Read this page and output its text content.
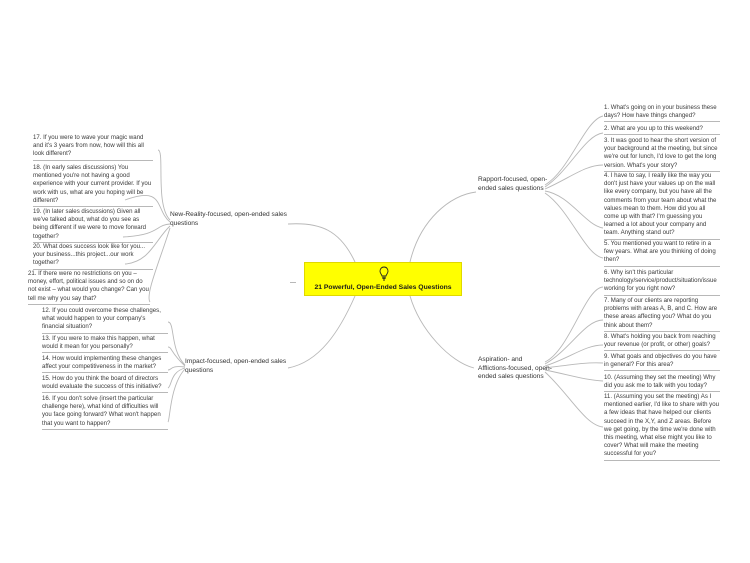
21 Powerful, Open-Ended Sales Questions
Rapport-focused, open-ended sales questions
1. What's going on in your business these days? How have things changed?
2. What are you up to this weekend?
3. It was good to hear the short version of your background at the meeting, but since we're out for lunch, I'd love to get the long version. What's your story?
4. I have to say, I really like the way you don't just have your values up on the wall like every company, but you have all the comments from your team about what the values mean to them. How did you all come up with that? I'm guessing you learned a lot about your company and team. Anything stand out?
5. You mentioned you want to retire in a few years. What are you thinking of doing then?
Aspiration- and Afflictions-focused, open-ended sales questions
6. Why isn't this particular technology/service/product/situation/issue working for you right now?
7. Many of our clients are reporting problems with areas A, B, and C. How are these areas affecting you? What do you think about them?
8. What's holding you back from reaching your revenue (or profit, or other) goals?
9. What goals and objectives do you have in general? For this area?
10. (Assuming they set the meeting) Why did you ask me to talk with you today?
11. (Assuming you set the meeting) As I mentioned earlier, I'd like to share with you a few ideas that have helped our clients succeed in the X,Y, and Z areas. Before we get going, by the time we're done with this meeting, what else might you like to cover? What will make the meeting successful for you?
New-Reality-focused, open-ended sales questions
17. If you were to wave your magic wand and it's 3 years from now, how will this all look different?
18. (In early sales discussions) You mentioned you're not having a good experience with your current provider. If you work with us, what are you hoping will be different?
19. (In later sales discussions) Given all we've talked about, what do you see as being different if we were to move forward together?
20. What does success look like for you... your business...this project...our work together?
21. If there were no restrictions on you – money, effort, political issues and so on do not exist – what would you change? Can you tell me why you say that?
Impact-focused, open-ended sales questions
12. If you could overcome these challenges, what would happen to your company's financial situation?
13. If you were to make this happen, what would it mean for you personally?
14. How would implementing these changes affect your competitiveness in the market?
15. How do you think the board of directors would evaluate the success of this initiative?
16. If you don't solve (insert the particular challenge here), what kind of difficulties will you face going forward? What won't happen that you want to happen?
